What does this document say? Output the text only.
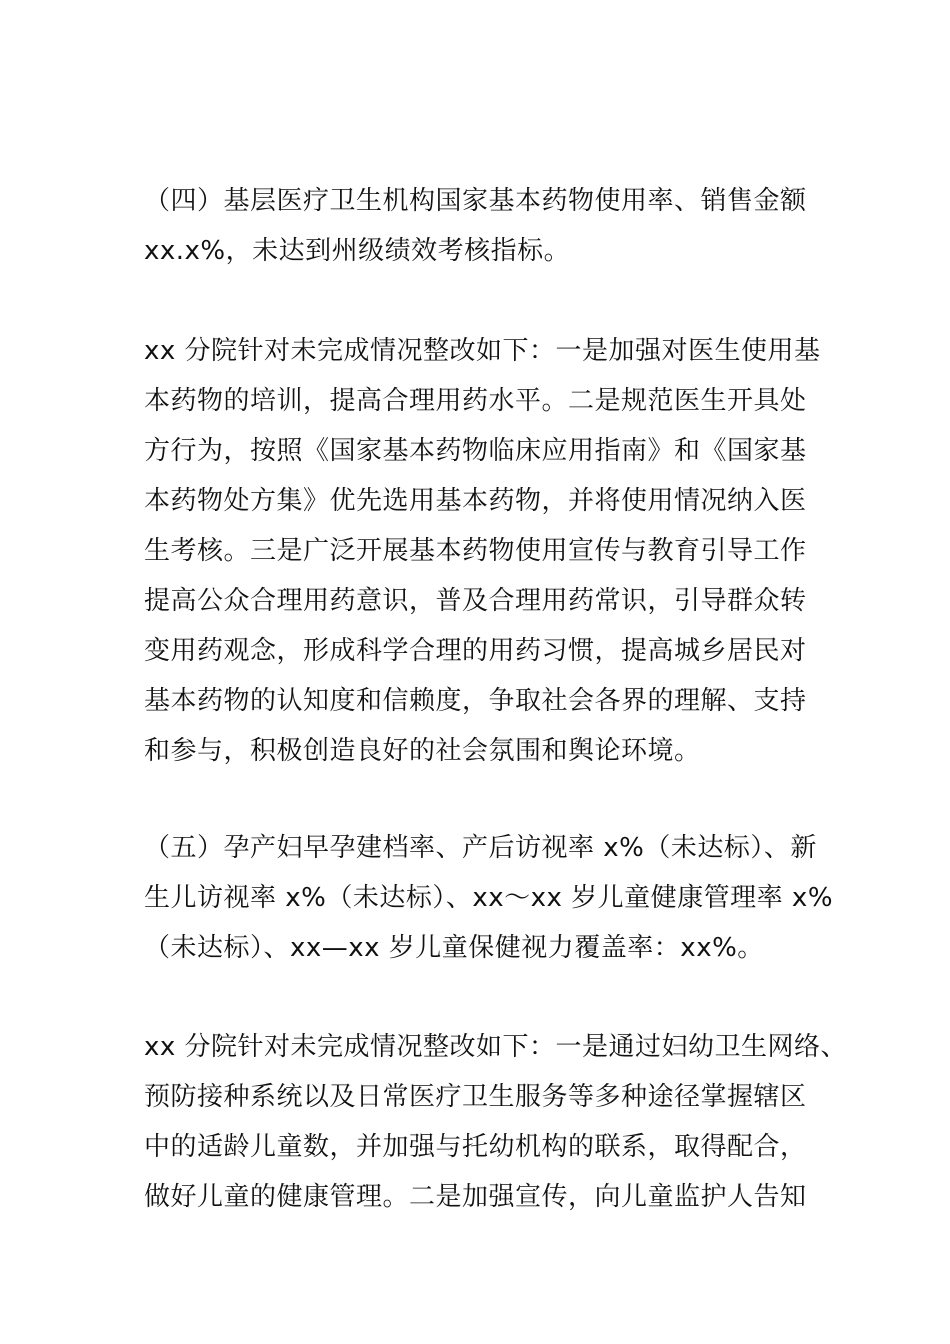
（四）基层医疗卫生机构国家基本药物使用率、销售金额
xx.x%，未达到州级绩效考核指标。
xx 分院针对未完成情况整改如下：一是加强对医生使用基
本药物的培训，提高合理用药水平。二是规范医生开具处
方行为，按照《国家基本药物临床应用指南》和《国家基
本药物处方集》优先选用基本药物，并将使用情况纳入医
生考核。三是广泛开展基本药物使用宣传与教育引导工作
提高公众合理用药意识，普及合理用药常识，引导群众转
变用药观念，形成科学合理的用药习惯，提高城乡居民对
基本药物的认知度和信赖度，争取社会各界的理解、支持
和参与，积极创造良好的社会氛围和舆论环境。
（五）孕产妇早孕建档率、产后访视率 x%（未达标）、新
生儿访视率 x%（未达标）、xx～xx 岁儿童健康管理率 x%
（未达标）、xx—xx 岁儿童保健视力覆盖率：xx%。
xx 分院针对未完成情况整改如下：一是通过妇幼卫生网络、
预防接种系统以及日常医疗卫生服务等多种途径掌握辖区
中的适龄儿童数，并加强与托幼机构的联系，取得配合，
做好儿童的健康管理。二是加强宣传，向儿童监护人告知
